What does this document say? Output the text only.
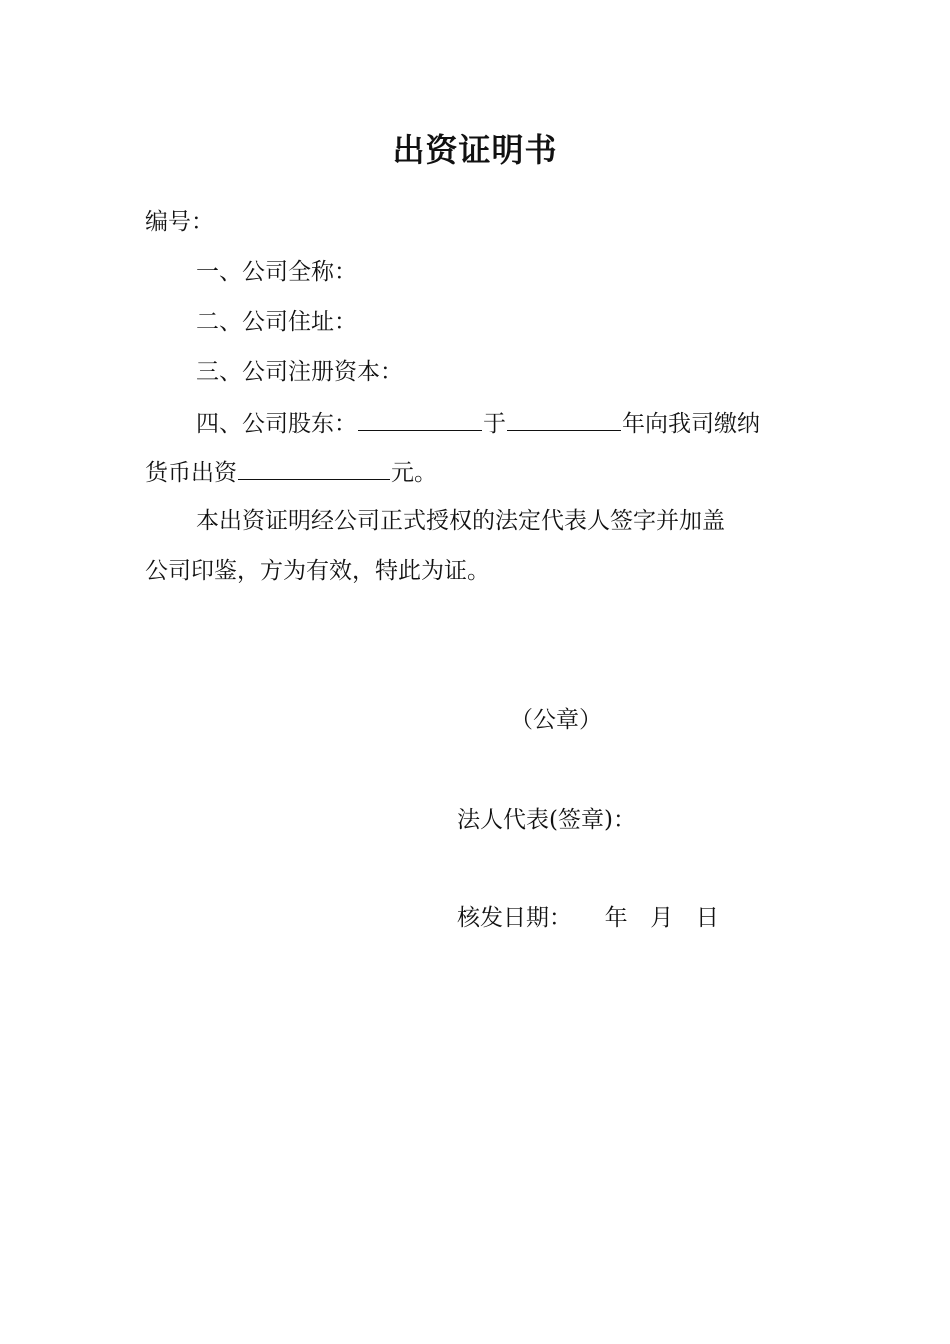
出资证明书
编号：
一、公司全称：
二、公司住址：
三、公司注册资本：
四、公司股东：	于	年向我司缴纳
货币出资	元。
本出资证明经公司正式授权的法定代表人签字并加盖
公司印鉴，方为有效，特此为证。
（公章）
法人代表(签章)：
核发日期： 年 月 日
